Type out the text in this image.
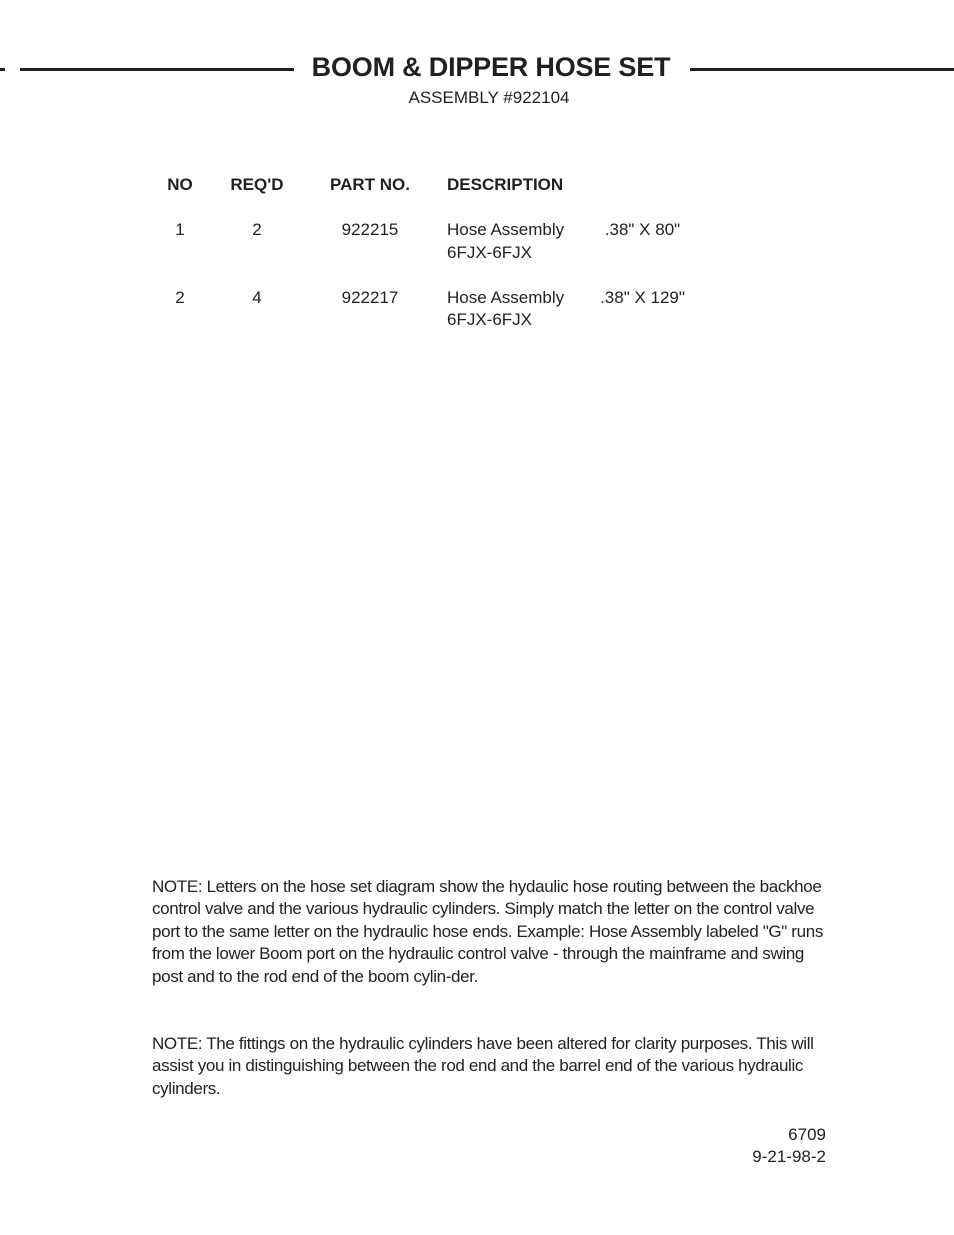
BOOM & DIPPER HOSE SET
ASSEMBLY #922104
NO	REQ'D	PART NO.	DESCRIPTION
1	2	922215	Hose Assembly	.38" X 80"
6FJX-6FJX
2	4	922217	Hose Assembly	.38" X 129"
6FJX-6FJX

NOTE: Letters on the hose set diagram show the hydaulic hose routing between the backhoe control valve and the various hydraulic cylinders. Simply match the letter on the control valve port to the same letter on the hydraulic hose ends. Example: Hose Assembly labeled "G" runs from the lower Boom port on the hydraulic control valve - through the mainframe and swing post and to the rod end of the boom cylin-der.

NOTE: The fittings on the hydraulic cylinders have been altered for clarity purposes. This will assist you in distinguishing between the rod end and the barrel end of the various hydraulic cylinders.

6709
9-21-98-2
